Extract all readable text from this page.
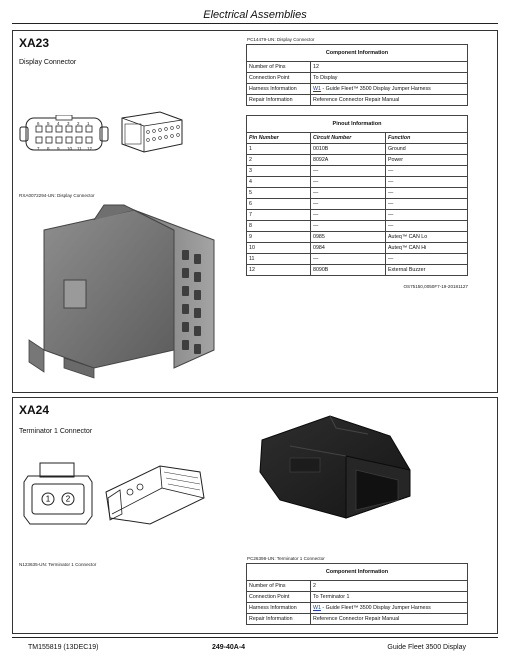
Electrical Assemblies
XA23
Display Connector
6 5 4 3 2 1
7 8 9 10 11 12
RXA0072294-UN: Display Connector
PC14479-UN: Display Connector
Component Information	
Number of Pins	12
Connection Point	To Display
Harness Information	W1 - Guide Fleet™ 3500 Display Jumper Harness
Repair Information	Reference Connector Repair Manual
Pinout Information		
Pin Number	Circuit Number	Function
1	0010B	Ground
2	8092A	Power
3	—	—
4	—	—
5	—	—
6	—	—
7	—	—
8	—	—
9	0985	Auteq™ CAN Lo
10	0984	Auteq™ CAN Hi
11	—	—
12	8090B	External Buzzer
OS75150,0050F7-19-20181127
XA24
Terminator 1 Connector
1 2
N123635-UN: Terminator 1 Connector
PC26398-UN: Terminator 1 Connector
Component Information	
Number of Pins	2
Connection Point	To Terminator 1
Harness Information	W1 - Guide Fleet™ 3500 Display Jumper Harness
Repair Information	Reference Connector Repair Manual
TM155819 (13DEC19)	249-40A-4	Guide Fleet 3500 Display
